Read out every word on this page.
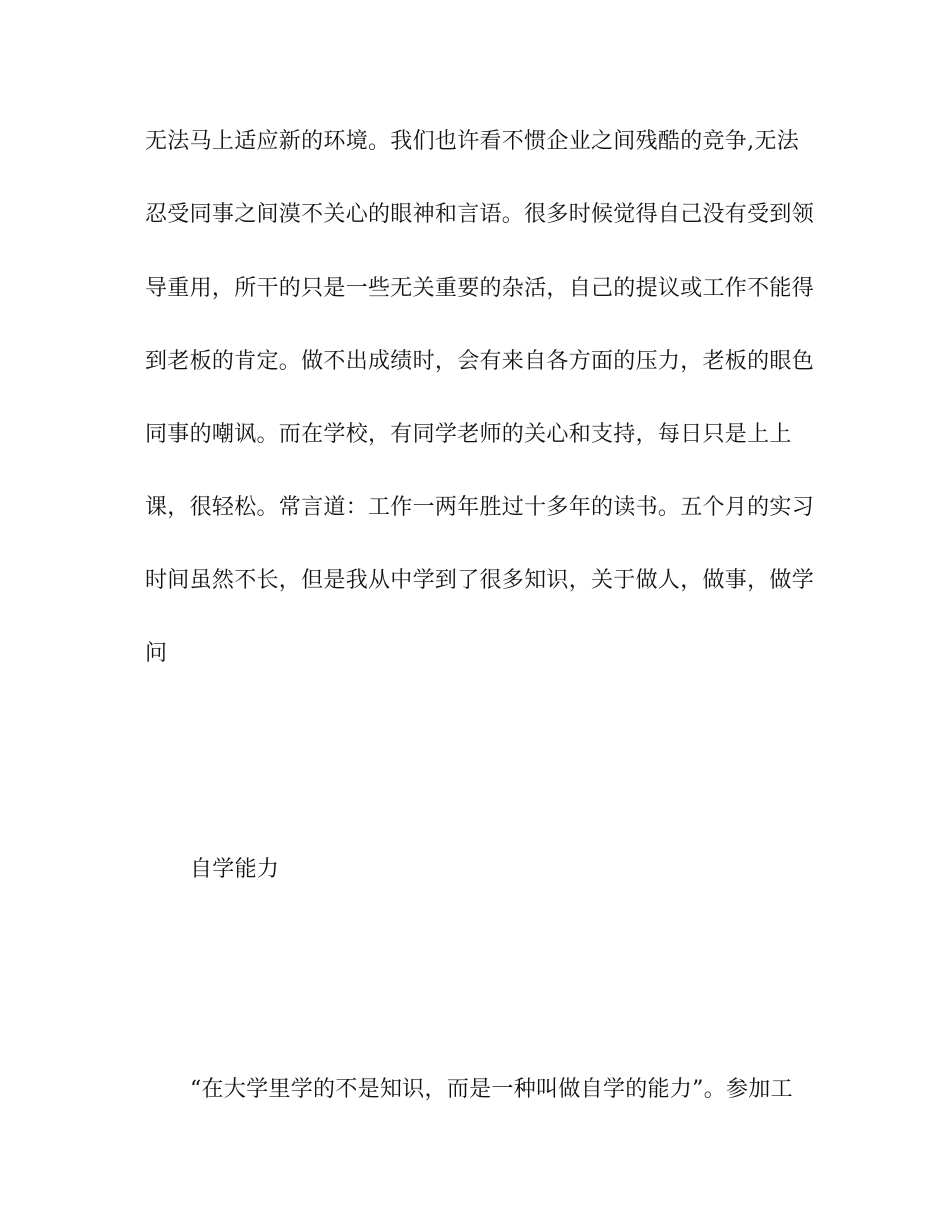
无法马上适应新的环境。我们也许看不惯企业之间残酷的竞争,无法
忍受同事之间漠不关心的眼神和言语。很多时候觉得自己没有受到领
导重用，所干的只是一些无关重要的杂活，自己的提议或工作不能得
到老板的肯定。做不出成绩时，会有来自各方面的压力，老板的眼色
同事的嘲讽。而在学校，有同学老师的关心和支持，每日只是上上
课，很轻松。常言道：工作一两年胜过十多年的读书。五个月的实习
时间虽然不长，但是我从中学到了很多知识，关于做人，做事，做学
问
自学能力
“在大学里学的不是知识，而是一种叫做自学的能力”。参加工
